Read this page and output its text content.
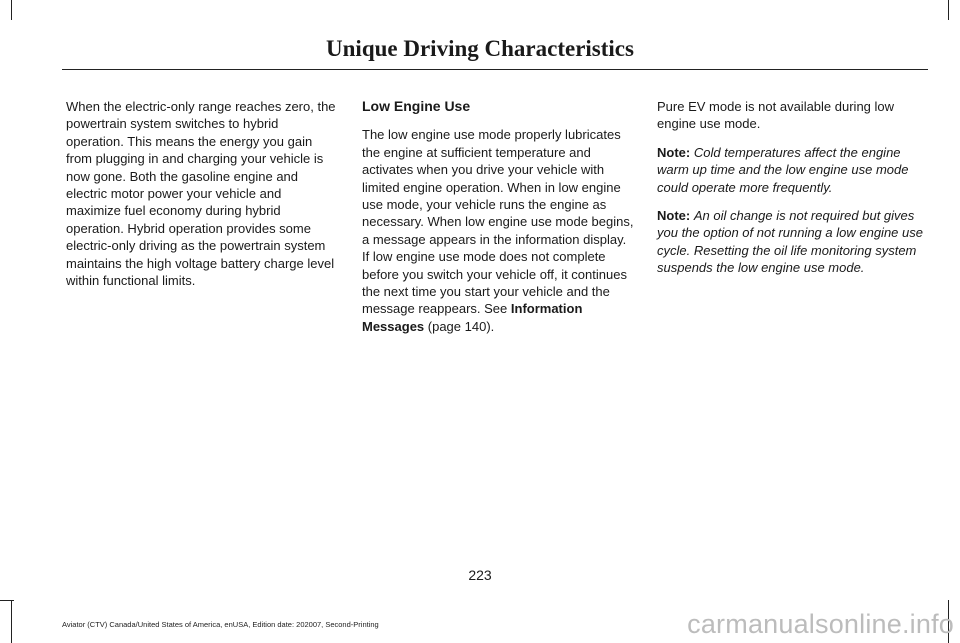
Unique Driving Characteristics

When the electric-only range reaches zero, the powertrain system switches to hybrid operation. This means the energy you gain from plugging in and charging your vehicle is now gone. Both the gasoline engine and electric motor power your vehicle and maximize fuel economy during hybrid operation. Hybrid operation provides some electric-only driving as the powertrain system maintains the high voltage battery charge level within functional limits.

Low Engine Use

The low engine use mode properly lubricates the engine at sufficient temperature and activates when you drive your vehicle with limited engine operation. When in low engine use mode, your vehicle runs the engine as necessary. When low engine use mode begins, a message appears in the information display. If low engine use mode does not complete before you switch your vehicle off, it continues the next time you start your vehicle and the message reappears. See Information Messages (page 140).

Pure EV mode is not available during low engine use mode.

Note: Cold temperatures affect the engine warm up time and the low engine use mode could operate more frequently.

Note: An oil change is not required but gives you the option of not running a low engine use cycle. Resetting the oil life monitoring system suspends the low engine use mode.

223
Aviator (CTV) Canada/United States of America, enUSA, Edition date: 202007, Second-Printing	carmanualsonline.info
